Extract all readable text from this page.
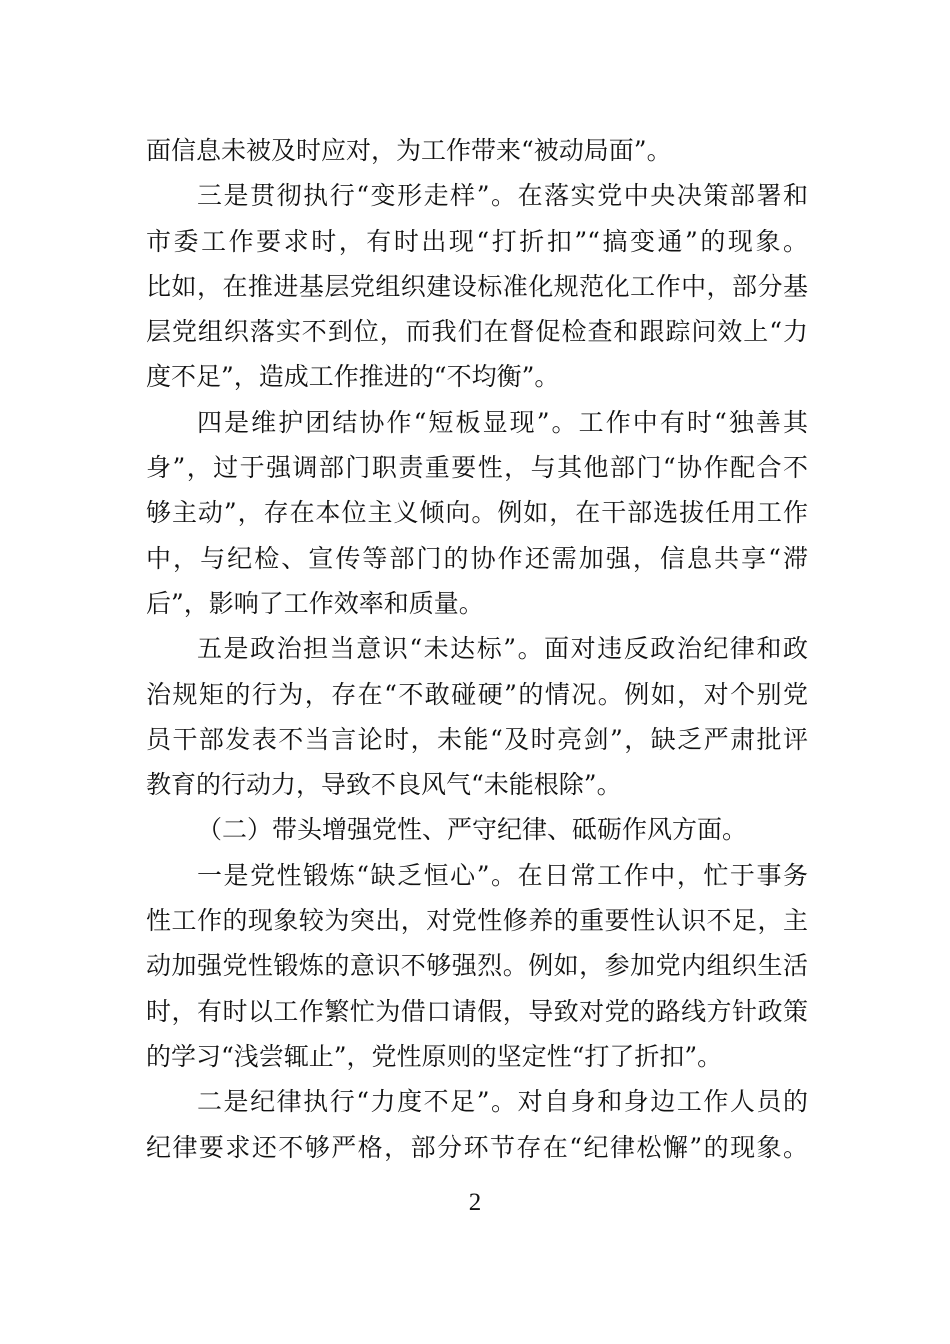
面信息未被及时应对，为工作带来“被动局面”。
三是贯彻执行“变形走样”。在落实党中央决策部署和
市委工作要求时，有时出现“打折扣”“搞变通”的现象。
比如，在推进基层党组织建设标准化规范化工作中，部分基
层党组织落实不到位，而我们在督促检查和跟踪问效上“力
度不足”，造成工作推进的“不均衡”。
四是维护团结协作“短板显现”。工作中有时“独善其
身”，过于强调部门职责重要性，与其他部门“协作配合不
够主动”，存在本位主义倾向。例如，在干部选拔任用工作
中，与纪检、宣传等部门的协作还需加强，信息共享“滞
后”，影响了工作效率和质量。
五是政治担当意识“未达标”。面对违反政治纪律和政
治规矩的行为，存在“不敢碰硬”的情况。例如，对个别党
员干部发表不当言论时，未能“及时亮剑”，缺乏严肃批评
教育的行动力，导致不良风气“未能根除”。
（二）带头增强党性、严守纪律、砥砺作风方面。
一是党性锻炼“缺乏恒心”。在日常工作中，忙于事务
性工作的现象较为突出，对党性修养的重要性认识不足，主
动加强党性锻炼的意识不够强烈。例如，参加党内组织生活
时，有时以工作繁忙为借口请假，导致对党的路线方针政策
的学习“浅尝辄止”，党性原则的坚定性“打了折扣”。
二是纪律执行“力度不足”。对自身和身边工作人员的
纪律要求还不够严格，部分环节存在“纪律松懈”的现象。
2
